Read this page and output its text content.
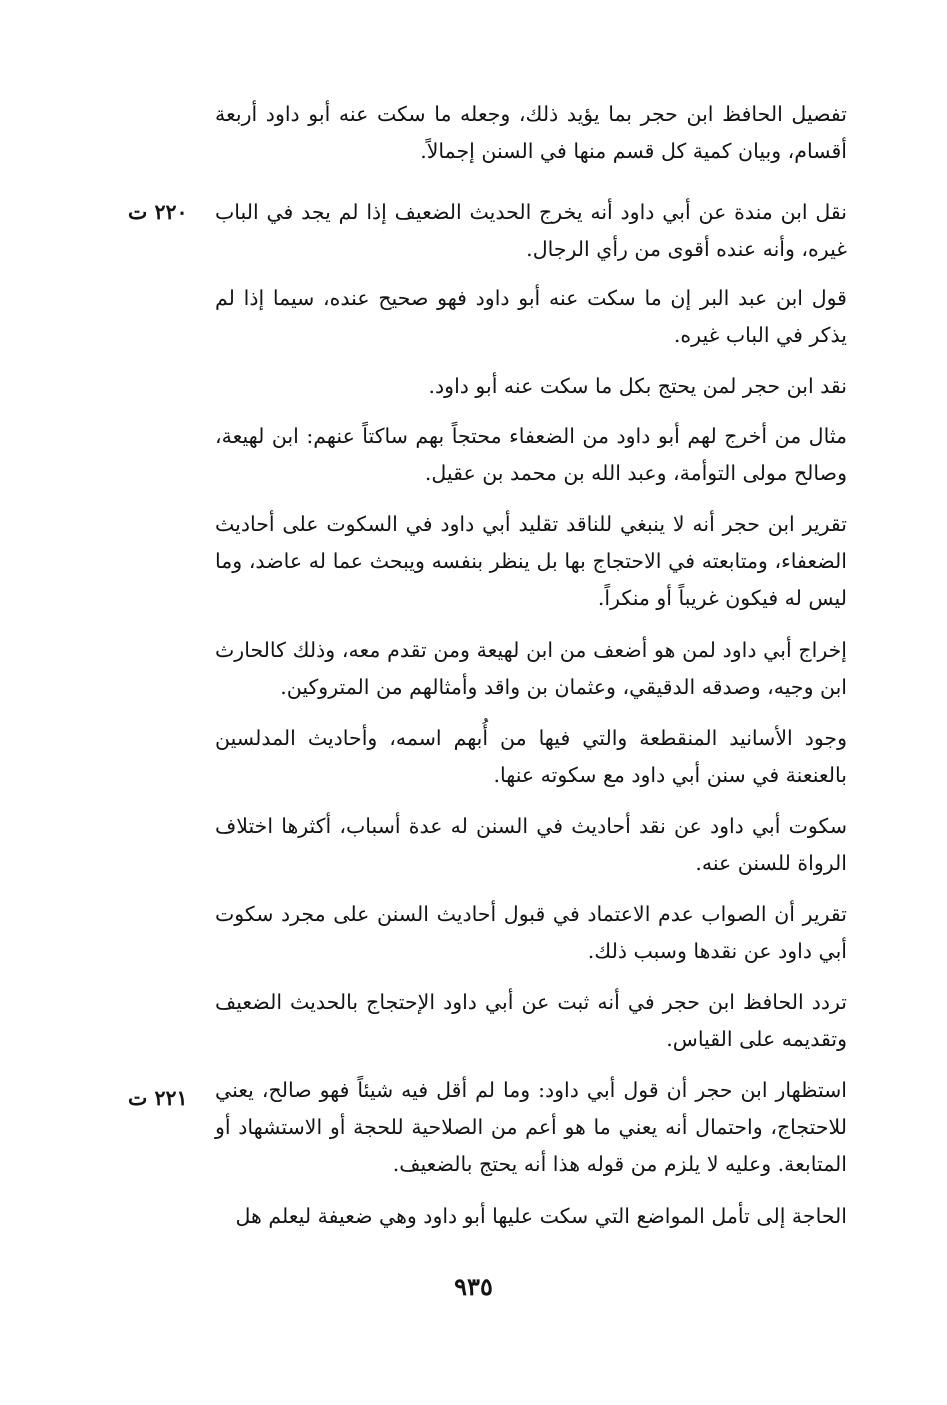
تفصيل الحافظ ابن حجر بما يؤيد ذلك، وجعله ما سكت عنه أبو داود أربعة أقسام، وبيان كمية كل قسم منها في السنن إجمالاً.
نقل ابن مندة عن أبي داود أنه يخرج الحديث الضعيف إذا لم يجد في الباب غيره، وأنه عنده أقوى من رأي الرجال.
٢٢٠ ت
قول ابن عبد البر إن ما سكت عنه أبو داود فهو صحيح عنده، سيما إذا لم يذكر في الباب غيره.
نقد ابن حجر لمن يحتج بكل ما سكت عنه أبو داود.
مثال من أخرج لهم أبو داود من الضعفاء محتجاً بهم ساكتاً عنهم: ابن لهيعة، وصالح مولى التوأمة، وعبد الله بن محمد بن عقيل.
تقرير ابن حجر أنه لا ينبغي للناقد تقليد أبي داود في السكوت على أحاديث الضعفاء، ومتابعته في الاحتجاج بها بل ينظر بنفسه ويبحث عما له عاضد، وما ليس له فيكون غريباً أو منكراً.
إخراج أبي داود لمن هو أضعف من ابن لهيعة ومن تقدم معه، وذلك كالحارث ابن وجيه، وصدقه الدقيقي، وعثمان بن واقد وأمثالهم من المتروكين.
وجود الأسانيد المنقطعة والتي فيها من أُبهم اسمه، وأحاديث المدلسين بالعنعنة في سنن أبي داود مع سكوته عنها.
سكوت أبي داود عن نقد أحاديث في السنن له عدة أسباب، أكثرها اختلاف الرواة للسنن عنه.
تقرير أن الصواب عدم الاعتماد في قبول أحاديث السنن على مجرد سكوت أبي داود عن نقدها وسبب ذلك.
تردد الحافظ ابن حجر في أنه ثبت عن أبي داود الإحتجاج بالحديث الضعيف وتقديمه على القياس.
استظهار ابن حجر أن قول أبي داود: وما لم أقل فيه شيئاً فهو صالح، يعني للاحتجاج، واحتمال أنه يعني ما هو أعم من الصلاحية للحجة أو الاستشهاد أو المتابعة. وعليه لا يلزم من قوله هذا أنه يحتج بالضعيف.
٢٢١ ت
الحاجة إلى تأمل المواضع التي سكت عليها أبو داود وهي ضعيفة ليعلم هل
٩٣٥
